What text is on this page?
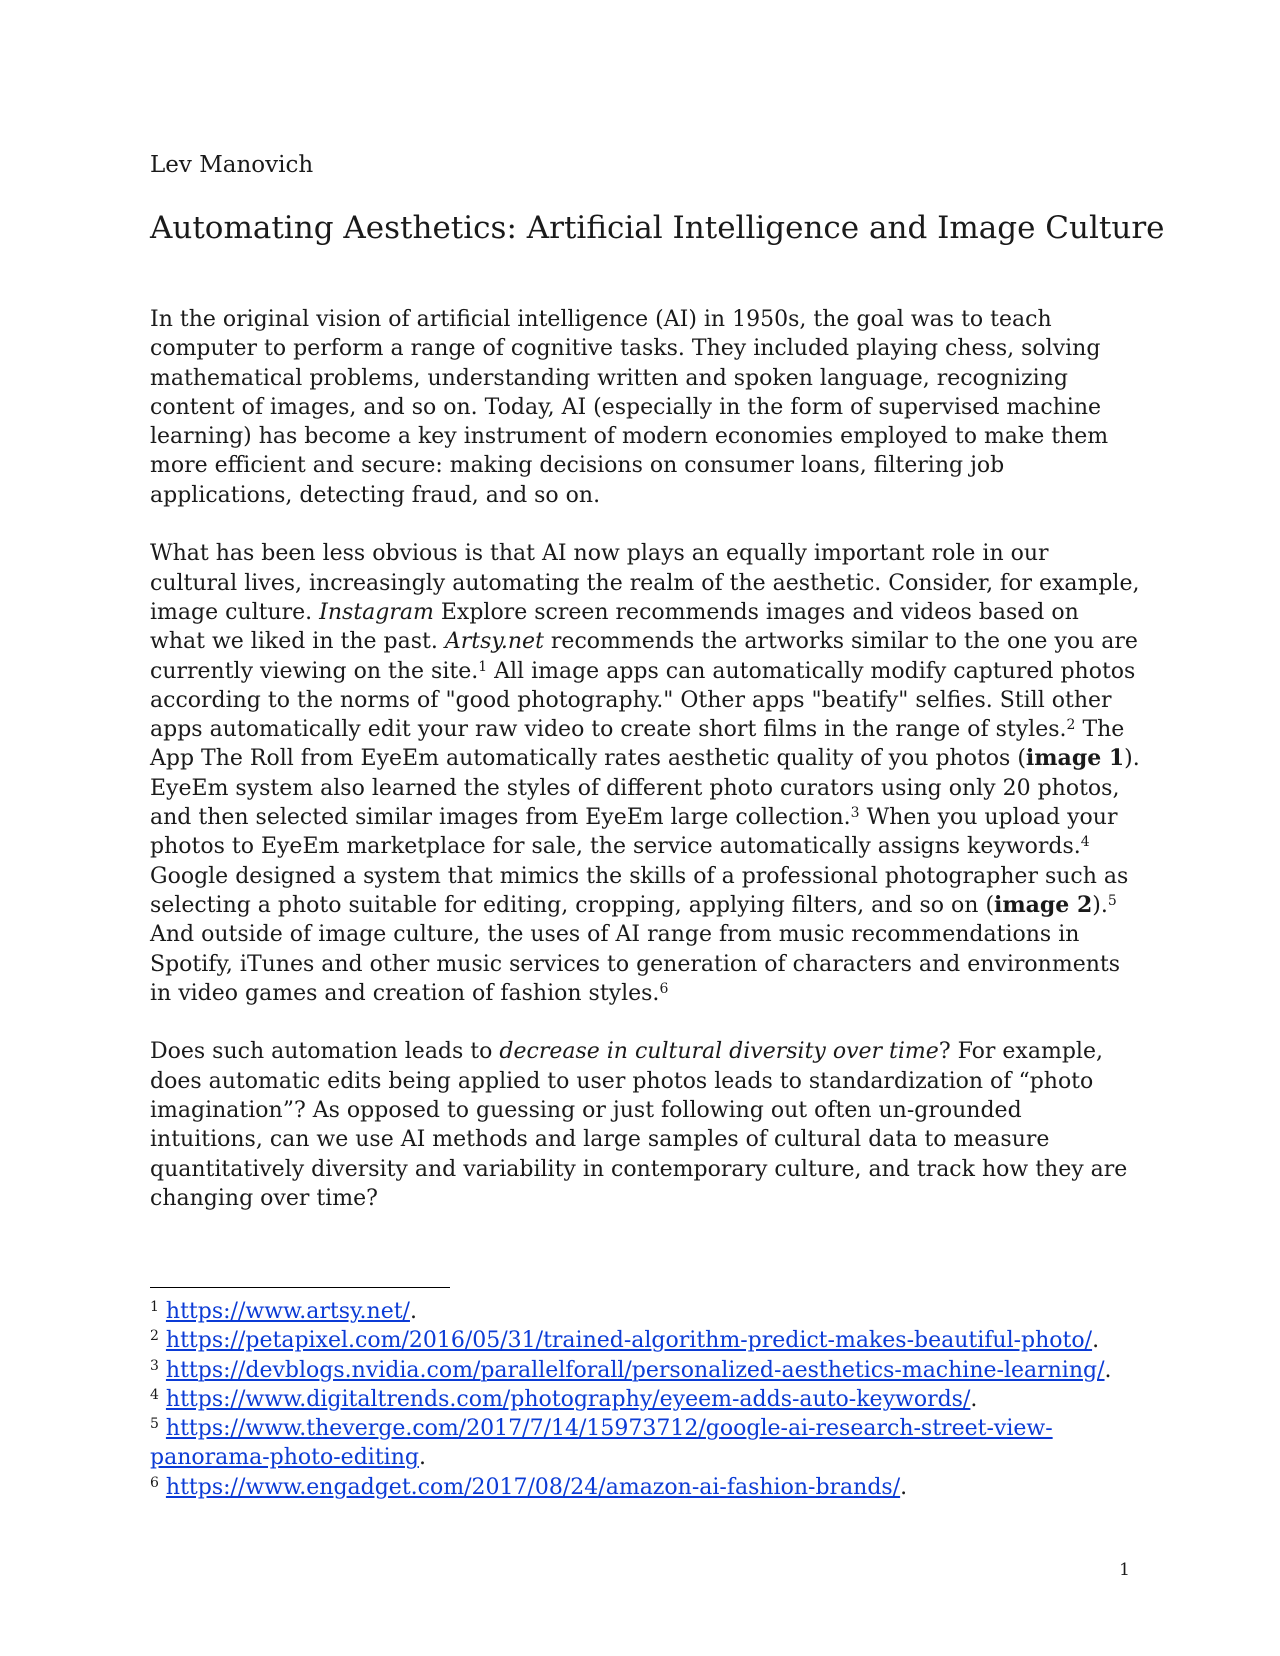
Lev Manovich
Automating Aesthetics: Artificial Intelligence and Image Culture

In the original vision of artificial intelligence (AI) in 1950s, the goal was to teach computer to perform a range of cognitive tasks. They included playing chess, solving mathematical problems, understanding written and spoken language, recognizing content of images, and so on. Today, AI (especially in the form of supervised machine learning) has become a key instrument of modern economies employed to make them more efficient and secure: making decisions on consumer loans, filtering job applications, detecting fraud, and so on.

What has been less obvious is that AI now plays an equally important role in our cultural lives, increasingly automating the realm of the aesthetic. Consider, for example, image culture. Instagram Explore screen recommends images and videos based on what we liked in the past. Artsy.net recommends the artworks similar to the one you are currently viewing on the site.$^1$ All image apps can automatically modify captured photos according to the norms of "good photography." Other apps "beatify" selfies. Still other apps automatically edit your raw video to create short films in the range of styles.$^2$ The App The Roll from EyeEm automatically rates aesthetic quality of you photos (image 1). EyeEm system also learned the styles of different photo curators using only 20 photos, and then selected similar images from EyeEm large collection.$^3$ When you upload your photos to EyeEm marketplace for sale, the service automatically assigns keywords.$^4$ Google designed a system that mimics the skills of a professional photographer such as selecting a photo suitable for editing, cropping, applying filters, and so on (image 2).$^5$ And outside of image culture, the uses of AI range from music recommendations in Spotify, iTunes and other music services to generation of characters and environments in video games and creation of fashion styles.$^6$

Does such automation leads to decrease in cultural diversity over time? For example, does automatic edits being applied to user photos leads to standardization of “photo imagination”? As opposed to guessing or just following out often un-grounded intuitions, can we use AI methods and large samples of cultural data to measure quantitatively diversity and variability in contemporary culture, and track how they are changing over time?

$^1$ https://www.artsy.net/.
$^2$ https://petapixel.com/2016/05/31/trained-algorithm-predict-makes-beautiful-photo/.
$^3$ https://devblogs.nvidia.com/parallelforall/personalized-aesthetics-machine-learning/.
$^4$ https://www.digitaltrends.com/photography/eyeem-adds-auto-keywords/.
$^5$ https://www.theverge.com/2017/7/14/15973712/google-ai-research-street-view-panorama-photo-editing.
$^6$ https://www.engadget.com/2017/08/24/amazon-ai-fashion-brands/.
1
